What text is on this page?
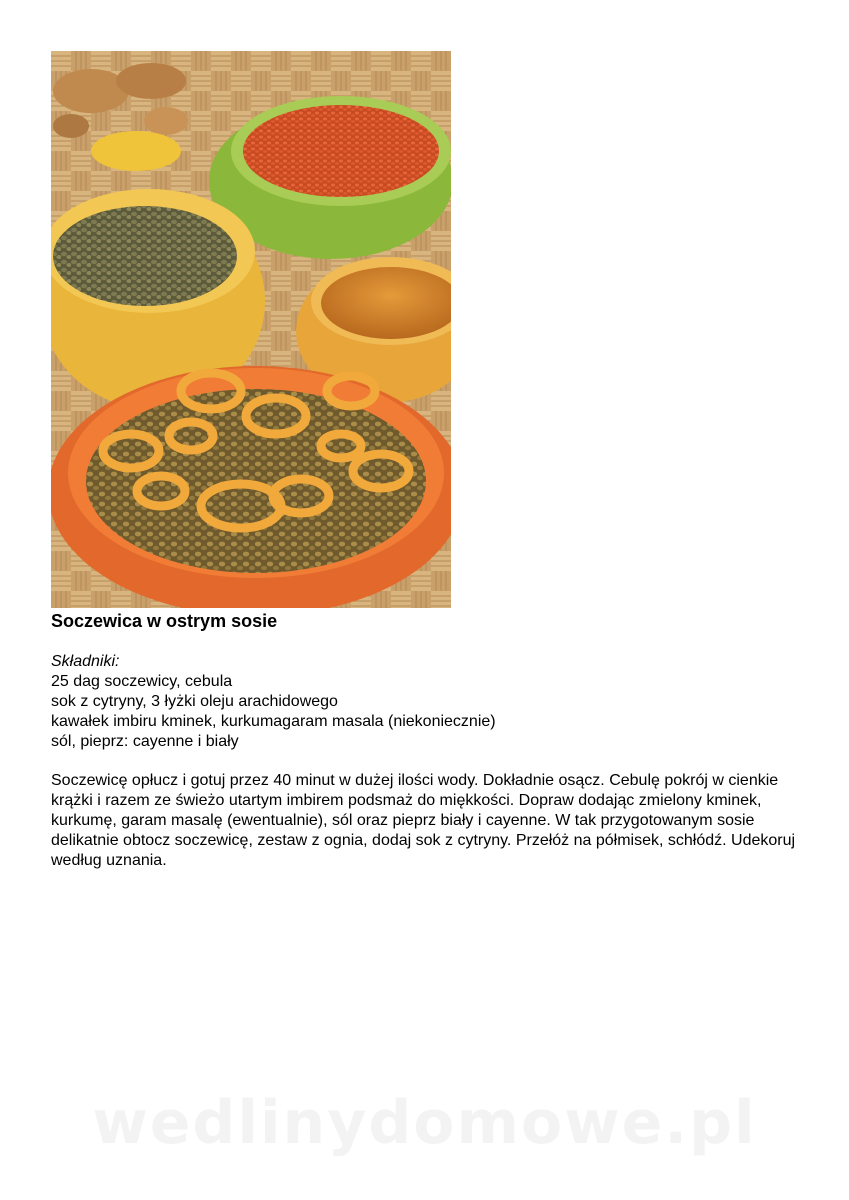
Soczewica w ostrym sosie
Składniki:
25 dag soczewicy, cebula
sok z cytryny, 3 łyżki oleju arachidowego
kawałek imbiru kminek, kurkumagaram masala (niekoniecznie)
sól, pieprz: cayenne i biały

Soczewicę opłucz i gotuj przez 40 minut w dużej ilości wody. Dokładnie osącz. Cebulę pokrój w cienkie krążki i razem ze świeżo utartym imbirem podsmaż do miękkości. Dopraw dodając zmielony kminek, kurkumę, garam masalę (ewentualnie), sól oraz pieprz biały i cayenne. W tak przygotowanym sosie delikatnie obtocz soczewicę, zestaw z ognia, dodaj sok z cytryny. Przełóż na półmisek, schłódź. Udekoruj według uznania.

wedlinydomowe.pl
